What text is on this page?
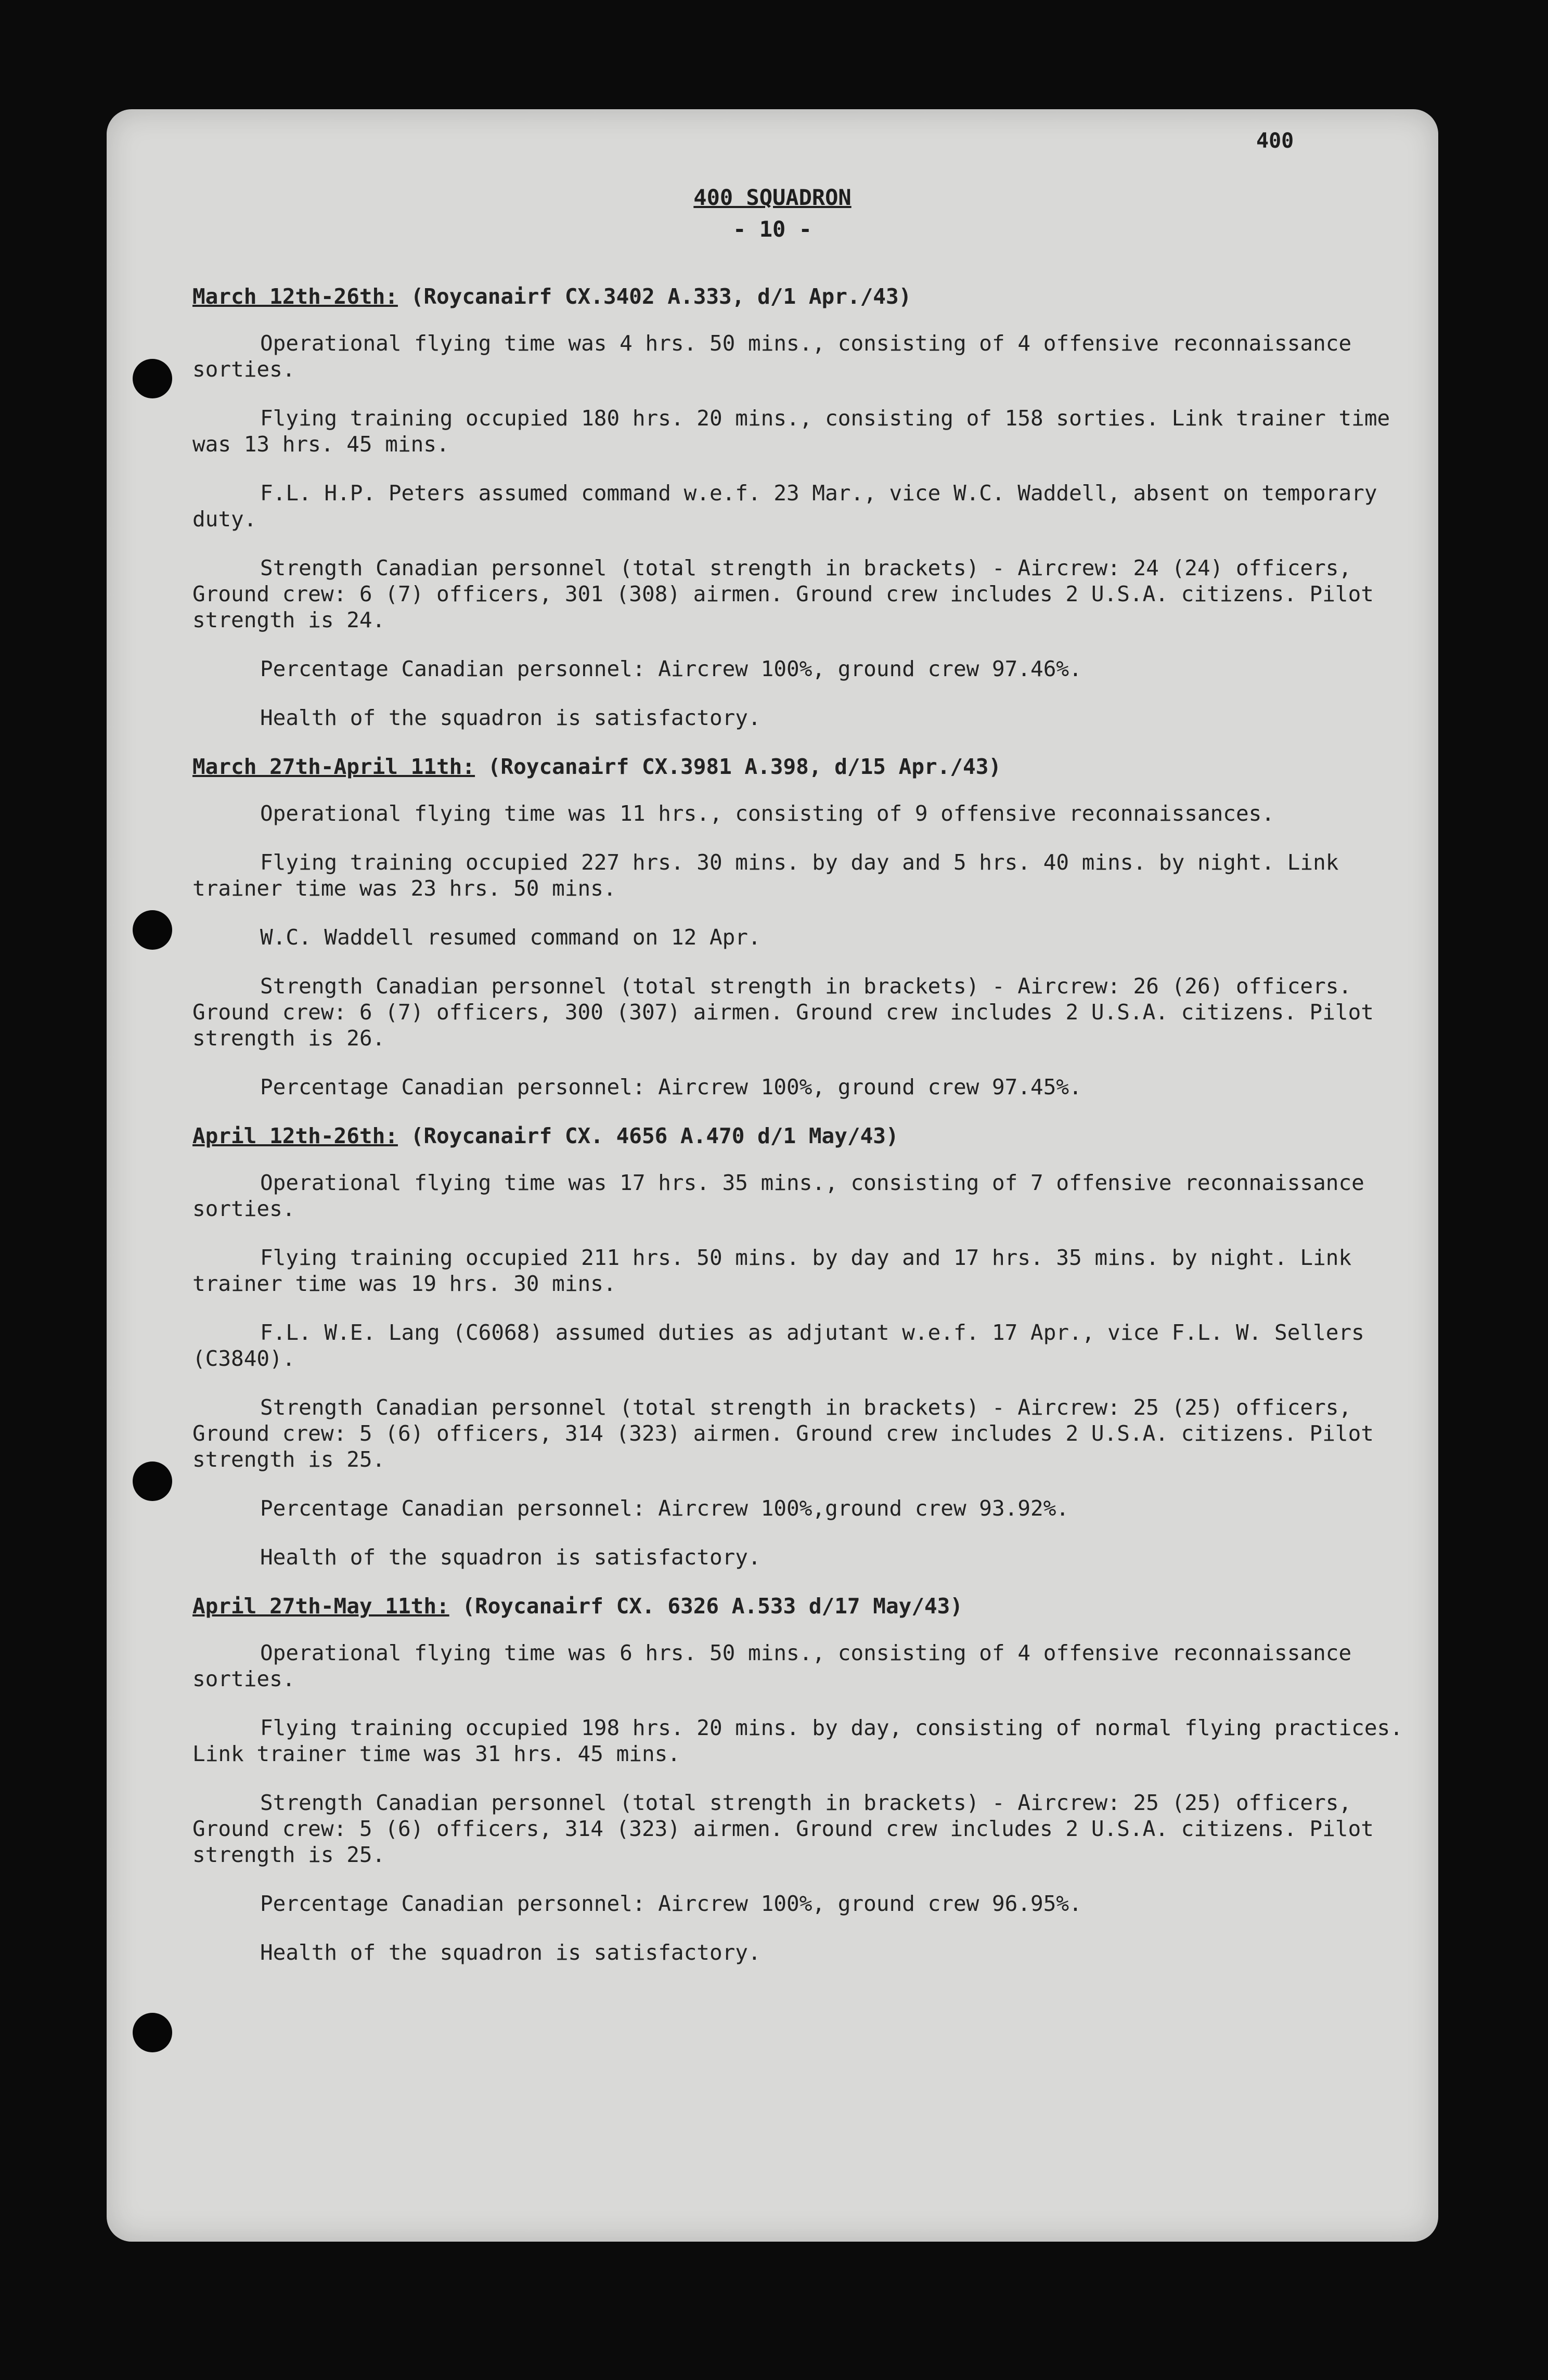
400
400 SQUADRON
- 10 -
March 12th-26th: (Roycanairf CX.3402 A.333, d/1 Apr./43)

Operational flying time was 4 hrs. 50 mins., consisting of 4 offensive reconnaissance sorties.

Flying training occupied 180 hrs. 20 mins., consisting of 158 sorties. Link trainer time was 13 hrs. 45 mins.

F.L. H.P. Peters assumed command w.e.f. 23 Mar., vice W.C. Waddell, absent on temporary duty.

Strength Canadian personnel (total strength in brackets) - Aircrew: 24 (24) officers, Ground crew: 6 (7) officers, 301 (308) airmen. Ground crew includes 2 U.S.A. citizens. Pilot strength is 24.

Percentage Canadian personnel: Aircrew 100%, ground crew 97.46%.

Health of the squadron is satisfactory.

March 27th-April 11th: (Roycanairf CX.3981 A.398, d/15 Apr./43)

Operational flying time was 11 hrs., consisting of 9 offensive reconnaissances.

Flying training occupied 227 hrs. 30 mins. by day and 5 hrs. 40 mins. by night. Link trainer time was 23 hrs. 50 mins.

W.C. Waddell resumed command on 12 Apr.

Strength Canadian personnel (total strength in brackets) - Aircrew: 26 (26) officers. Ground crew: 6 (7) officers, 300 (307) airmen. Ground crew includes 2 U.S.A. citizens. Pilot strength is 26.

Percentage Canadian personnel: Aircrew 100%, ground crew 97.45%.

April 12th-26th: (Roycanairf CX. 4656 A.470 d/1 May/43)

Operational flying time was 17 hrs. 35 mins., consisting of 7 offensive reconnaissance sorties.

Flying training occupied 211 hrs. 50 mins. by day and 17 hrs. 35 mins. by night. Link trainer time was 19 hrs. 30 mins.

F.L. W.E. Lang (C6068) assumed duties as adjutant w.e.f. 17 Apr., vice F.L. W. Sellers (C3840).

Strength Canadian personnel (total strength in brackets) - Aircrew: 25 (25) officers, Ground crew: 5 (6) officers, 314 (323) airmen. Ground crew includes 2 U.S.A. citizens. Pilot strength is 25.

Percentage Canadian personnel: Aircrew 100%,ground crew 93.92%.

Health of the squadron is satisfactory.

April 27th-May 11th: (Roycanairf CX. 6326 A.533 d/17 May/43)

Operational flying time was 6 hrs. 50 mins., consisting of 4 offensive reconnaissance sorties.

Flying training occupied 198 hrs. 20 mins. by day, consisting of normal flying practices. Link trainer time was 31 hrs. 45 mins.

Strength Canadian personnel (total strength in brackets) - Aircrew: 25 (25) officers, Ground crew: 5 (6) officers, 314 (323) airmen. Ground crew includes 2 U.S.A. citizens. Pilot strength is 25.

Percentage Canadian personnel: Aircrew 100%, ground crew 96.95%.

Health of the squadron is satisfactory.
